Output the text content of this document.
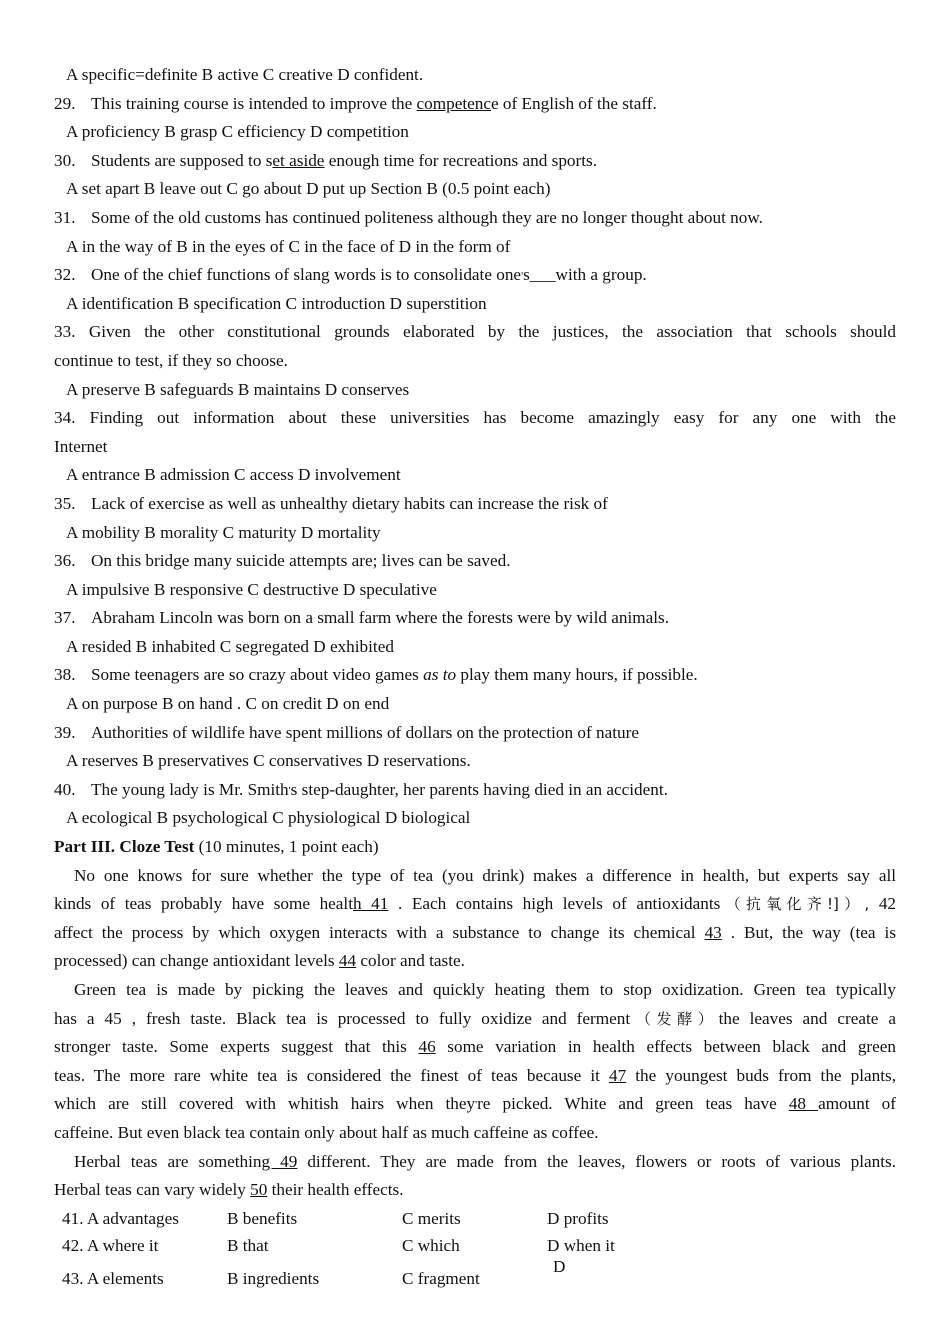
A specific=definite B active C creative D confident.
29. This training course is intended to improve the competence of English of the staff.
A proficiency B grasp C efficiency D competition
30. Students are supposed to set aside enough time for recreations and sports.
A set apart B leave out C go about D put up Section B (0.5 point each)
31. Some of the old customs has continued politeness although they are no longer thought about now.
A in the way of B in the eyes of C in the face of D in the form of
32. One of the chief functions of slang words is to consolidate one's___with a group.
A identification B specification C introduction D superstition
33. Given the other constitutional grounds elaborated by the justices, the association that schools should
continue to test, if they so choose.
A preserve B safeguards B maintains D conserves
34. Finding out information about these universities has become amazingly easy for any one with the
Internet
A entrance B admission C access D involvement
35. Lack of exercise as well as unhealthy dietary habits can increase the risk of
A mobility B morality C maturity D mortality
36. On this bridge many suicide attempts are; lives can be saved.
A impulsive B responsive C destructive D speculative
37. Abraham Lincoln was born on a small farm where the forests were by wild animals.
A resided B inhabited C segregated D exhibited
38. Some teenagers are so crazy about video games as to play them many hours, if possible.
A on purpose B on hand . C on credit D on end
39. Authorities of wildlife have spent millions of dollars on the protection of nature
A reserves B preservatives C conservatives D reservations.
40. The young lady is Mr. Smith's step-daughter, her parents having died in an accident.
A ecological B psychological C physiological D biological
Part III. Cloze Test (10 minutes, 1 point each)
No one knows for sure whether the type of tea (you drink) makes a difference in health, but experts say all
kinds of teas probably have some health 41 . Each contains high levels of antioxidants（抗氧化齐!]）, 42
affect the process by which oxygen interacts with a substance to change its chemical 43 . But, the way (tea is
processed) can change antioxidant levels 44 color and taste.
Green tea is made by picking the leaves and quickly heating them to stop oxidization. Green tea typically
has a 45 , fresh taste. Black tea is processed to fully oxidize and ferment（发酵）the leaves and create a
stronger taste. Some experts suggest that this 46 some variation in health effects between black and green
teas. The more rare white tea is considered the finest of teas because it 47 the youngest buds from the plants,
which are still covered with whitish hairs when they're picked. White and green teas have 48 amount of
caffeine. But even black tea contain only about half as much caffeine as coffee.
Herbal teas are something 49 different. They are made from the leaves, flowers or roots of various plants.
Herbal teas can vary widely 50 their health effects.
41. A advantages	B benefits	C merits	D profits
42. A where it	B that	C which	D when it
43. A elements	B ingredients	C fragment	D
